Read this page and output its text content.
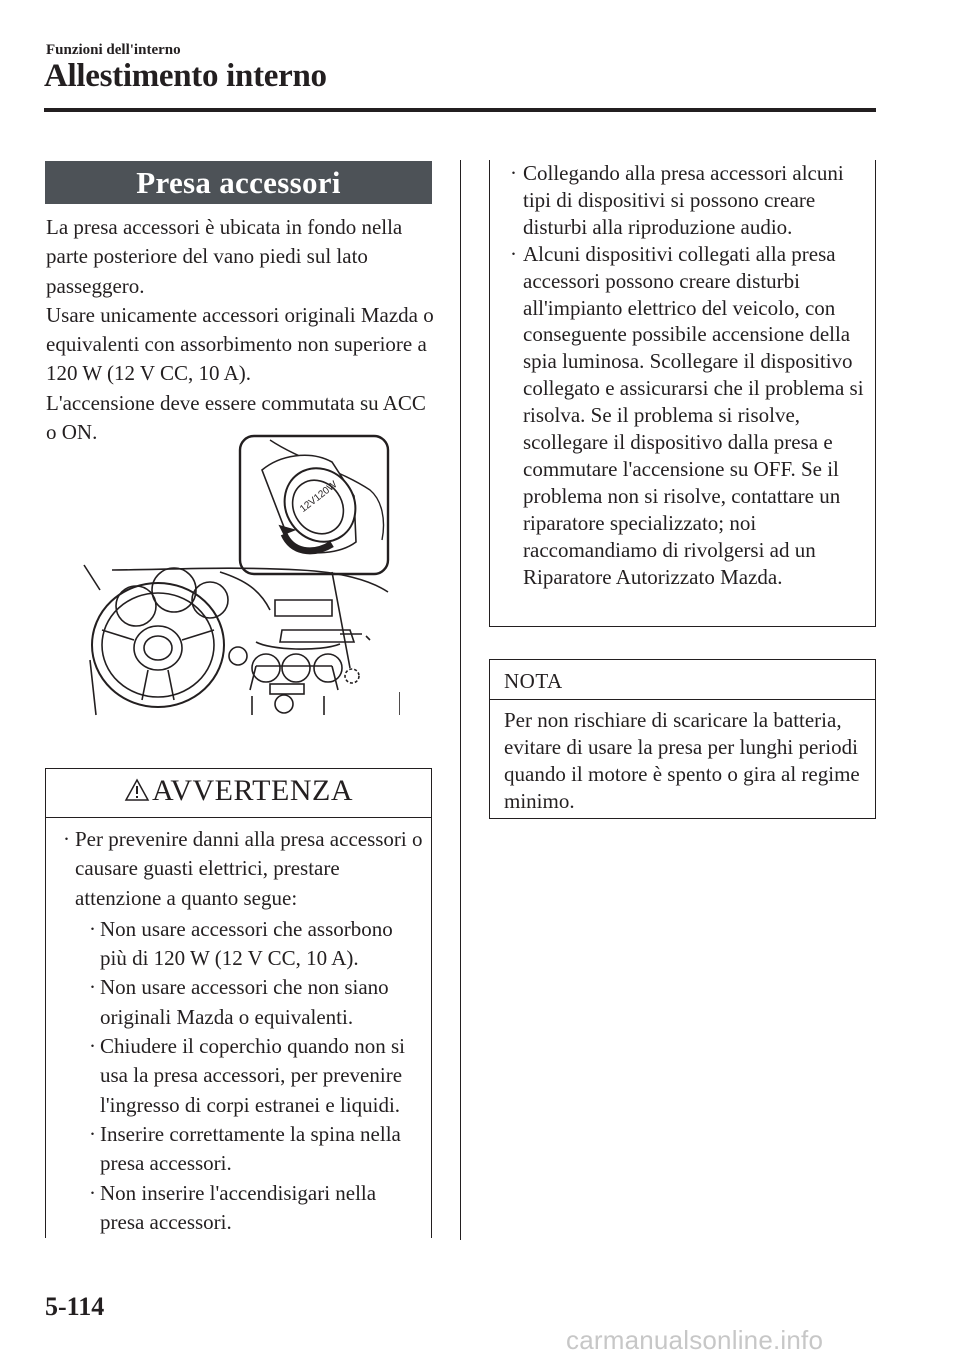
Funzioni dell'interno
Allestimento interno
Presa accessori

La presa accessori è ubicata in fondo nella parte posteriore del vano piedi sul lato passeggero.

Usare unicamente accessori originali Mazda o equivalenti con assorbimento non superiore a 120 W (12 V CC, 10 A).

L'accensione deve essere commutata su ACC o ON.

12V120W
AVVERTENZA
· Per prevenire danni alla presa accessori o causare guasti elettrici, prestare attenzione a quanto segue:
· Non usare accessori che assorbono più di 120 W (12 V CC, 10 A).
· Non usare accessori che non siano originali Mazda o equivalenti.
· Chiudere il coperchio quando non si usa la presa accessori, per prevenire l'ingresso di corpi estranei e liquidi.
· Inserire correttamente la spina nella presa accessori.
· Non inserire l'accendisigari nella presa accessori.
· Collegando alla presa accessori alcuni tipi di dispositivi si possono creare disturbi alla riproduzione audio.
· Alcuni dispositivi collegati alla presa accessori possono creare disturbi all'impianto elettrico del veicolo, con conseguente possibile accensione della spia luminosa. Scollegare il dispositivo collegato e assicurarsi che il problema si risolva. Se il problema si risolve, scollegare il dispositivo dalla presa e commutare l'accensione su OFF. Se il problema non si risolve, contattare un riparatore specializzato; noi raccomandiamo di rivolgersi ad un Riparatore Autorizzato Mazda.
NOTA
Per non rischiare di scaricare la batteria, evitare di usare la presa per lunghi periodi quando il motore è spento o gira al regime minimo.
5-114
carmanualsonline.info
